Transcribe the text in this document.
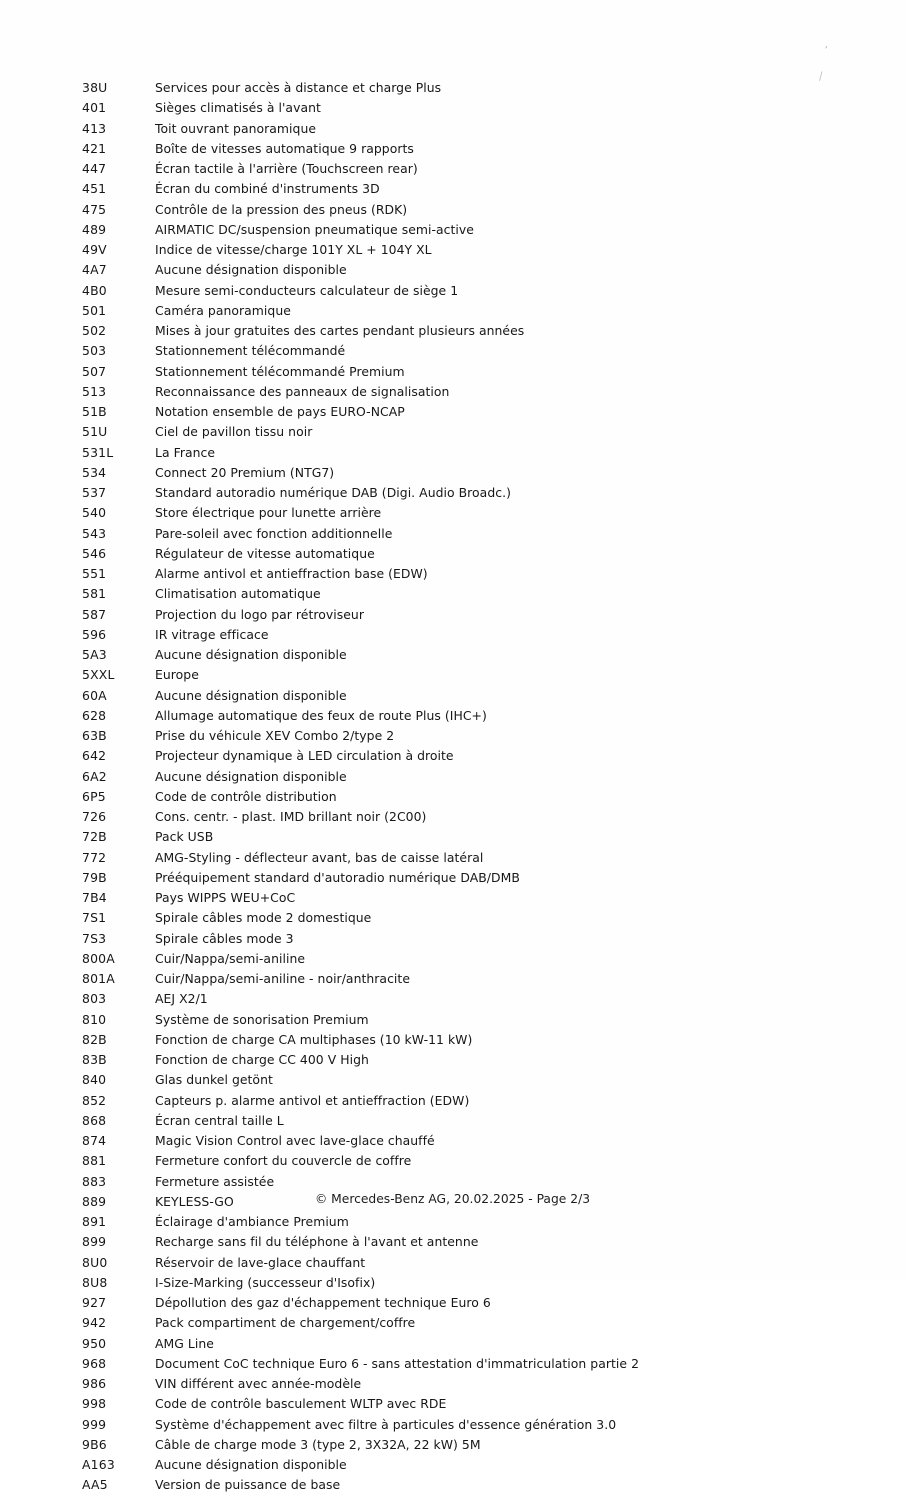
’
⁄
38U	Services pour accès à distance et charge Plus
401	Sièges climatisés à l'avant
413	Toit ouvrant panoramique
421	Boîte de vitesses automatique 9 rapports
447	Écran tactile à l'arrière (Touchscreen rear)
451	Écran du combiné d'instruments 3D
475	Contrôle de la pression des pneus (RDK)
489	AIRMATIC DC/suspension pneumatique semi-active
49V	Indice de vitesse/charge 101Y XL + 104Y XL
4A7	Aucune désignation disponible
4B0	Mesure semi-conducteurs calculateur de siège 1
501	Caméra panoramique
502	Mises à jour gratuites des cartes pendant plusieurs années
503	Stationnement télécommandé
507	Stationnement télécommandé Premium
513	Reconnaissance des panneaux de signalisation
51B	Notation ensemble de pays EURO-NCAP
51U	Ciel de pavillon tissu noir
531L	La France
534	Connect 20 Premium (NTG7)
537	Standard autoradio numérique DAB (Digi. Audio Broadc.)
540	Store électrique pour lunette arrière
543	Pare-soleil avec fonction additionnelle
546	Régulateur de vitesse automatique
551	Alarme antivol et antieffraction base (EDW)
581	Climatisation automatique
587	Projection du logo par rétroviseur
596	IR vitrage efficace
5A3	Aucune désignation disponible
5XXL	Europe
60A	Aucune désignation disponible
628	Allumage automatique des feux de route Plus (IHC+)
63B	Prise du véhicule XEV Combo 2/type 2
642	Projecteur dynamique à LED circulation à droite
6A2	Aucune désignation disponible
6P5	Code de contrôle distribution
726	Cons. centr. - plast. IMD brillant noir (2C00)
72B	Pack USB
772	AMG-Styling - déflecteur avant, bas de caisse latéral
79B	Prééquipement standard d'autoradio numérique DAB/DMB
7B4	Pays WIPPS WEU+CoC
7S1	Spirale câbles mode 2 domestique
7S3	Spirale câbles mode 3
800A	Cuir/Nappa/semi-aniline
801A	Cuir/Nappa/semi-aniline - noir/anthracite
803	AEJ X2/1
810	Système de sonorisation Premium
82B	Fonction de charge CA multiphases (10 kW-11 kW)
83B	Fonction de charge CC 400 V High
840	Glas dunkel getönt
852	Capteurs p. alarme antivol et antieffraction (EDW)
868	Écran central taille L
874	Magic Vision Control avec lave-glace chauffé
881	Fermeture confort du couvercle de coffre
883	Fermeture assistée
889	KEYLESS-GO
891	Éclairage d'ambiance Premium
899	Recharge sans fil du téléphone à l'avant et antenne
8U0	Réservoir de lave-glace chauffant
8U8	I-Size-Marking (successeur d'Isofix)
927	Dépollution des gaz d'échappement technique Euro 6
942	Pack compartiment de chargement/coffre
950	AMG Line
968	Document CoC technique Euro 6 - sans attestation d'immatriculation partie 2
986	VIN différent avec année-modèle
998	Code de contrôle basculement WLTP avec RDE
999	Système d'échappement avec filtre à particules d'essence génération 3.0
9B6	Câble de charge mode 3 (type 2, 3X32A, 22 kW) 5M
A163	Aucune désignation disponible
AA5	Version de puissance de base
© Mercedes-Benz AG, 20.02.2025 - Page 2/3
